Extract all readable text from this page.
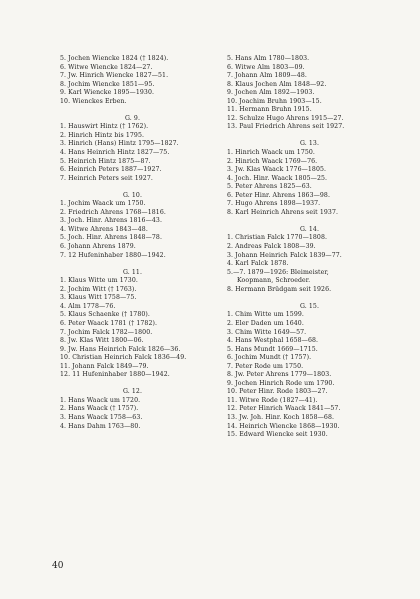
5. Jochen Wiencke 1824 († 1824).
6. Witwe Wiencke 1824—27.
7. Jw. Hinrich Wiencke 1827—51.
8. Jochim Wiencke 1851—95.
9. Karl Wiencke 1895—1930.
10. Wienckes Erben.
G. 9.
1. Hauswirt Hintz († 1762).
2. Hinrich Hintz bis 1795.
3. Hinrich (Hans) Hintz 1795—1827.
4. Hans Heinrich Hintz 1827—75.
5. Heinrich Hintz 1875—87.
6. Heinrich Peters 1887—1927.
7. Heinrich Peters seit 1927.
G. 10.
1. Jochim Waack um 1750.
2. Friedrich Ahrens 1768—1816.
3. Joch. Hinr. Ahrens 1816—43.
4. Witwe Ahrens 1843—48.
5. Joch. Hinr. Ahrens 1848—78.
6. Johann Ahrens 1879.
7. 12 Hufeninhaber 1880—1942.
G. 11.
1. Klaus Witte um 1730.
2. Jochim Witt († 1763).
3. Klaus Witt 1758—75.
4. Alm 1778—76.
5. Klaus Schaenke († 1780).
6. Peter Waack 1781 († 1782).
7. Jochim Falck 1782—1800.
8. Jw. Klas Witt 1800—06.
9. Jw. Hans Heinrich Falck 1826—36.
10. Christian Heinrich Falck 1836—49.
11. Johann Falck 1849—79.
12. 11 Hufeninhaber 1880—1942.
G. 12.
1. Hans Waack um 1720.
2. Hans Waack († 1757).
3. Hans Waack 1758—63.
4. Hans Dahm 1763—80.
5. Hans Alm 1780—1803.
6. Witwe Alm 1803—09.
7. Johann Alm 1809—48.
8. Klaus Jochen Alm 1848—92.
9. Jochen Alm 1892—1903.
10. Joachim Bruhn 1903—15.
11. Hermann Bruhn 1915.
12. Schulze Hugo Ahrens 1915—27.
13. Paul Friedrich Ahrens seit 1927.
G. 13.
1. Hinrich Waack um 1750.
2. Hinrich Waack 1769—76.
3. Jw. Klas Waack 1776—1805.
4. Joch. Hinr. Waack 1805—25.
5. Peter Ahrens 1825—63.
6. Peter Hinr. Ahrens 1863—98.
7. Hugo Ahrens 1898—1937.
8. Karl Heinrich Ahrens seit 1937.
G. 14.
1. Christian Falck 1770—1808.
2. Andreas Falck 1808—39.
3. Johann Heinrich Falck 1839—77.
4. Karl Falck 1878.
5.—7. 1879—1926: Bleimeister,
Koopmann, Schroeder.
8. Hermann Brüdgam seit 1926.
G. 15.
1. Chim Witte um 1599.
2. Eler Daden um 1640.
3. Chim Witte 1649—57.
4. Hans Westphal 1658—68.
5. Hans Mundt 1669—1715.
6. Jochim Mundt († 1757).
7. Peter Rode um 1750.
8. Jw. Peter Ahrens 1779—1803.
9. Jochen Hinrich Rode um 1790.
10. Peter Hinr. Rode 1803—27.
11. Witwe Rode (1827—41).
12. Peter Hinrich Waack 1841—57.
13. Jw. Joh. Hinr. Koch 1858—68.
14. Heinrich Wiencke 1868—1930.
15. Edward Wiencke seit 1930.
40
